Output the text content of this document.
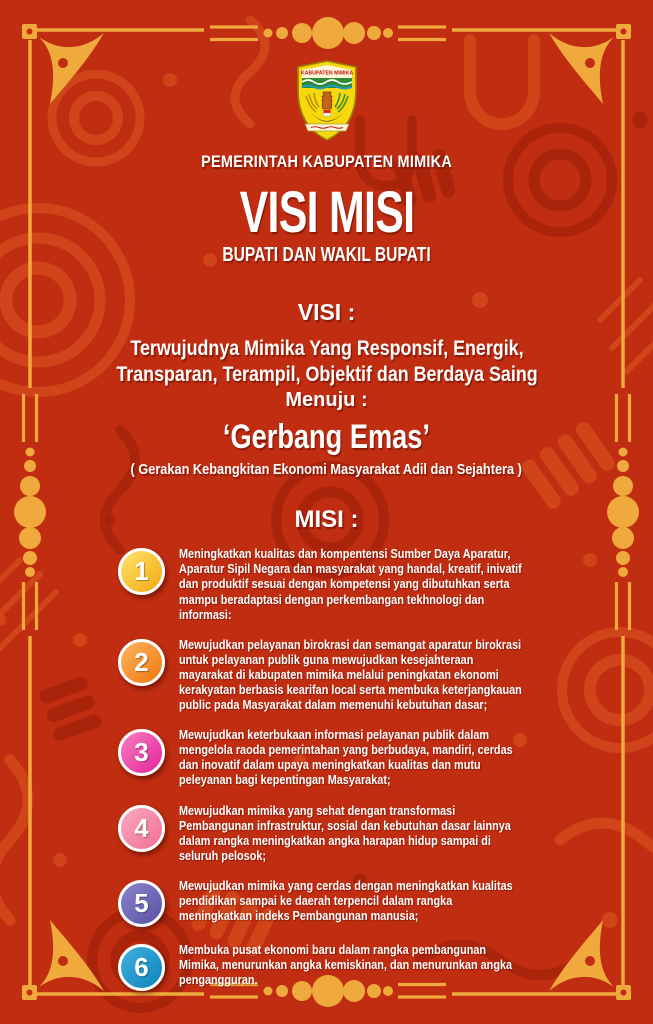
KABUPATEN MIMIKA
PEMERINTAH KABUPATEN MIMIKA
VISI MISI
BUPATI DAN WAKIL BUPATI
VISI :
Terwujudnya Mimika Yang Responsif, Energik, Transparan, Terampil, Objektif dan Berdaya Saing
Menuju :
‘Gerbang Emas’
( Gerakan Kebangkitan Ekonomi Masyarakat Adil dan Sejahtera )
MISI :
1
Meningkatkan kualitas dan kompentensi Sumber Daya Aparatur, Aparatur Sipil Negara dan masyarakat yang handal, kreatif, inivatif dan produktif sesuai dengan kompetensi yang dibutuhkan serta mampu beradaptasi dengan perkembangan tekhnologi dan informasi:
2
Mewujudkan pelayanan birokrasi dan semangat aparatur birokrasi untuk pelayanan publik guna mewujudkan kesejahteraan mayarakat di kabupaten mimika melalui peningkatan ekonomi kerakyatan berbasis kearifan local serta membuka keterjangkauan public pada Masyarakat dalam memenuhi kebutuhan dasar;
3
Mewujudkan keterbukaan informasi pelayanan publik dalam mengelola raoda pemerintahan yang berbudaya, mandiri, cerdas dan inovatif dalam upaya meningkatkan kualitas dan mutu peleyanan bagi kepentingan Masyarakat;
4
Mewujudkan mimika yang sehat dengan transformasi Pembangunan infrastruktur, sosial dan kebutuhan dasar lainnya dalam rangka meningkatkan angka harapan hidup sampai di seluruh pelosok;
5
Mewujudkan mimika yang cerdas dengan meningkatkan kualitas pendidikan sampai ke daerah terpencil dalam rangka meningkatkan indeks Pembangunan manusia;
6
Membuka pusat ekonomi baru dalam rangka pembangunan Mimika, menurunkan angka kemiskinan, dan menurunkan angka pengangguran.
